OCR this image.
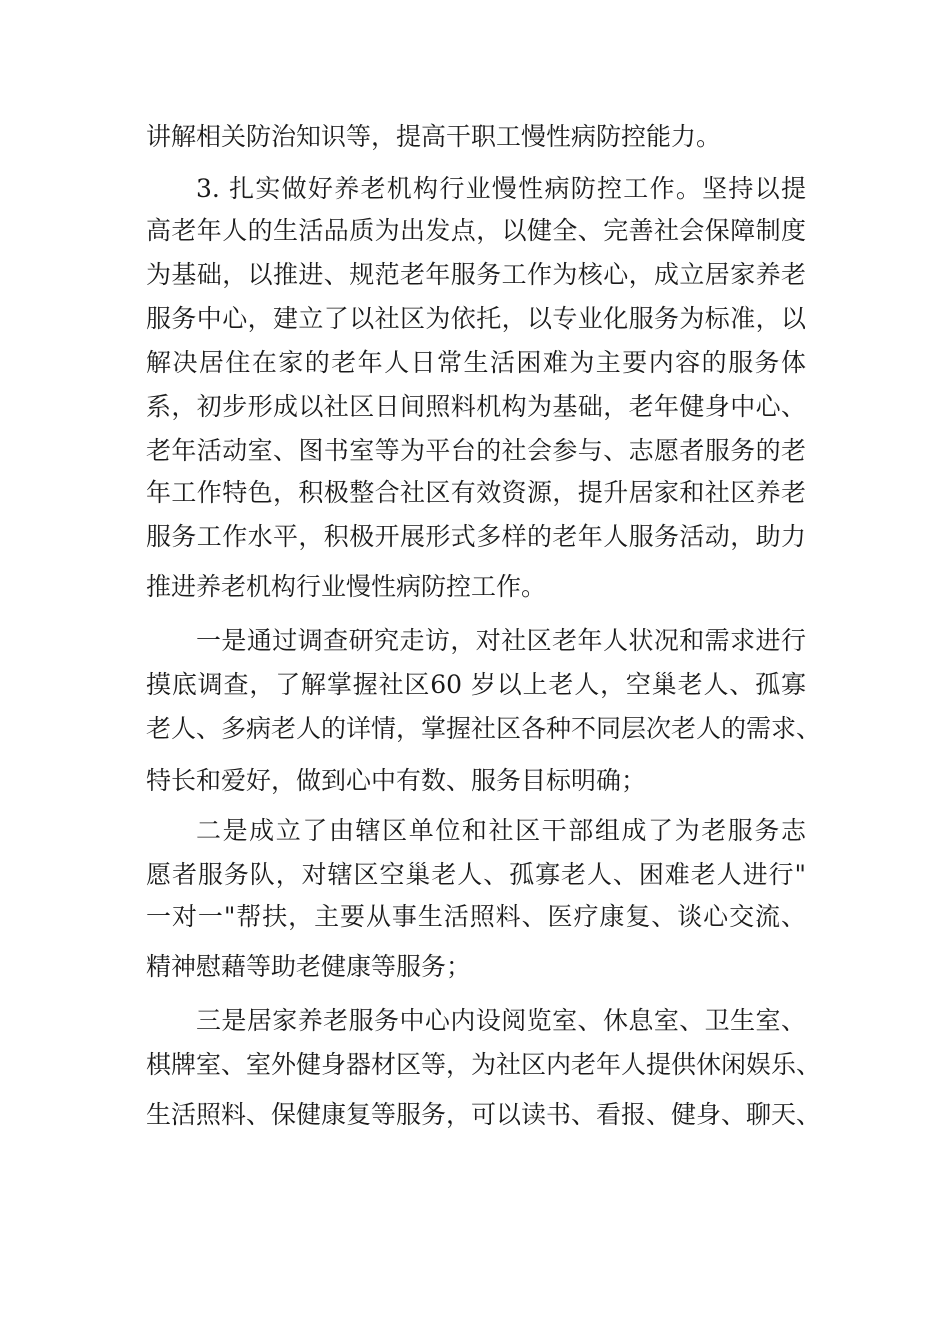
讲解相关防治知识等，提高干职工慢性病防控能力。
3. 扎实做好养老机构行业慢性病防控工作。坚持以提
高老年人的生活品质为出发点，以健全、完善社会保障制度
为基础，以推进、规范老年服务工作为核心，成立居家养老
服务中心，建立了以社区为依托，以专业化服务为标准，以
解决居住在家的老年人日常生活困难为主要内容的服务体
系，初步形成以社区日间照料机构为基础，老年健身中心、
老年活动室、图书室等为平台的社会参与、志愿者服务的老
年工作特色，积极整合社区有效资源，提升居家和社区养老
服务工作水平，积极开展形式多样的老年人服务活动，助力
推进养老机构行业慢性病防控工作。
一是通过调查研究走访，对社区老年人状况和需求进行
摸底调查，了解掌握社区60 岁以上老人，空巢老人、孤寡
老人、多病老人的详情，掌握社区各种不同层次老人的需求、
特长和爱好，做到心中有数、服务目标明确；
二是成立了由辖区单位和社区干部组成了为老服务志
愿者服务队，对辖区空巢老人、孤寡老人、困难老人进行"
一对一"帮扶，主要从事生活照料、医疗康复、谈心交流、
精神慰藉等助老健康等服务；
三是居家养老服务中心内设阅览室、休息室、卫生室、
棋牌室、室外健身器材区等，为社区内老年人提供休闲娱乐、
生活照料、保健康复等服务，可以读书、看报、健身、聊天、
